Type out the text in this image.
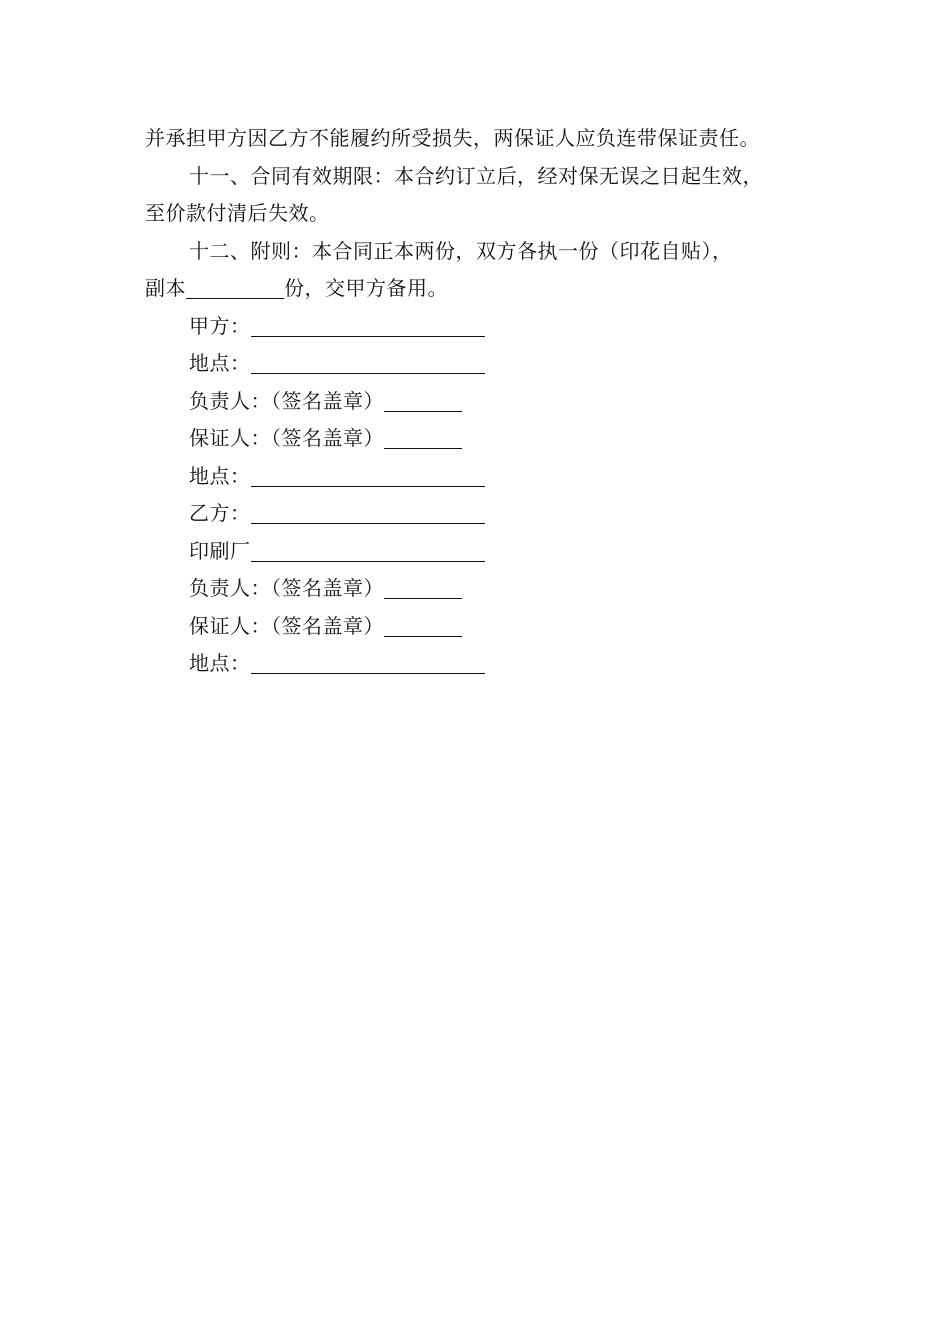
并承担甲方因乙方不能履约所受损失，两保证人应负连带保证责任。
十一、合同有效期限：本合约订立后，经对保无误之日起生效，
至价款付清后失效。
十二、附则：本合同正本两份，双方各执一份（印花自贴），
副本	份，交甲方备用。
甲方：
地点：
负责人：（签名盖章）
保证人：（签名盖章）
地点：
乙方：
印刷厂
负责人：（签名盖章）
保证人：（签名盖章）
地点：
